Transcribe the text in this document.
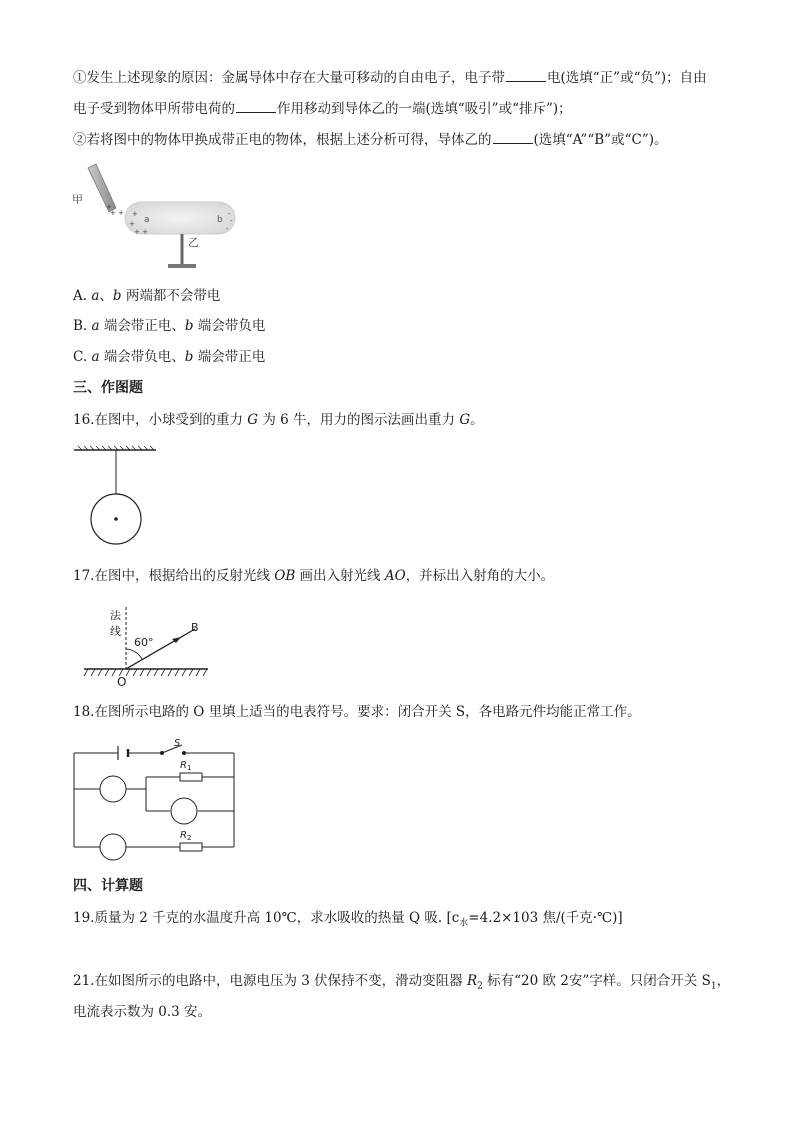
①发生上述现象的原因：金属导体中存在大量可移动的自由电子，电子带	电(选填“正”或“负”)；自由
电子受到物体甲所带电荷的	作用移动到导体乙的一端(选填“吸引”或“排斥”)；
②若将图中的物体甲换成带正电的物体，根据上述分析可得，导体乙的	(选填“A”“B”或“C”)。
甲
+ +
+
+
+
+ +
a	b
-
-
-
乙
A. a、b 两端都不会带电
B. a 端会带正电、b 端会带负电
C. a 端会带负电、b 端会带正电
三、作图题
16.在图中，小球受到的重力 G 为 6 牛，用力的图示法画出重力 G。
17.在图中，根据给出的反射光线 OB 画出入射光线 AO，并标出入射角的大小。
法
线
60°
B
O
18.在图所示电路的 O 里填上适当的电表符号。要求：闭合开关 S，各电路元件均能正常工作。
S
R 1
R 2
四、计算题
19.质量为 2 千克的水温度升高 10℃，求水吸收的热量 Q 吸. [$c_水=4.2\times 103$ 焦/(千克·℃)]
21.在如图所示的电路中，电源电压为 3 伏保持不变，滑动变阻器 $R_2$ 标有“20 欧 2安”字样。只闭合开关 $S_1$，
电流表示数为 0.3 安。
